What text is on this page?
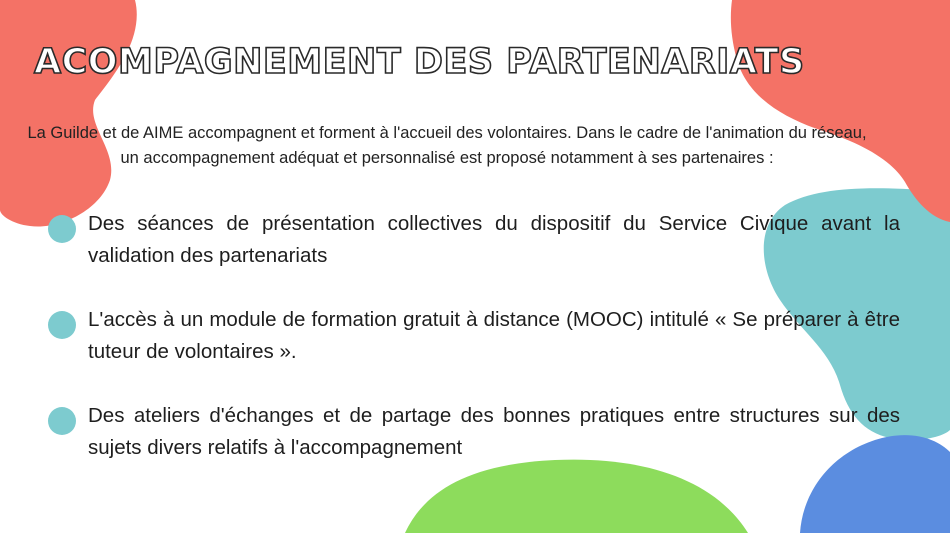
ACOMPAGNEMENT DES PARTENARIATS

La Guilde et de AIME accompagnent et forment à l'accueil des volontaires. Dans le cadre de l'animation du réseau,
un accompagnement adéquat et personnalisé est proposé notamment à ses partenaires :

Des séances de présentation collectives du dispositif du Service Civique avant la validation des partenariats
L'accès à un module de formation gratuit à distance (MOOC) intitulé « Se préparer à être tuteur de volontaires ».
Des ateliers d'échanges et de partage des bonnes pratiques entre structures sur des sujets divers relatifs à l'accompagnement
